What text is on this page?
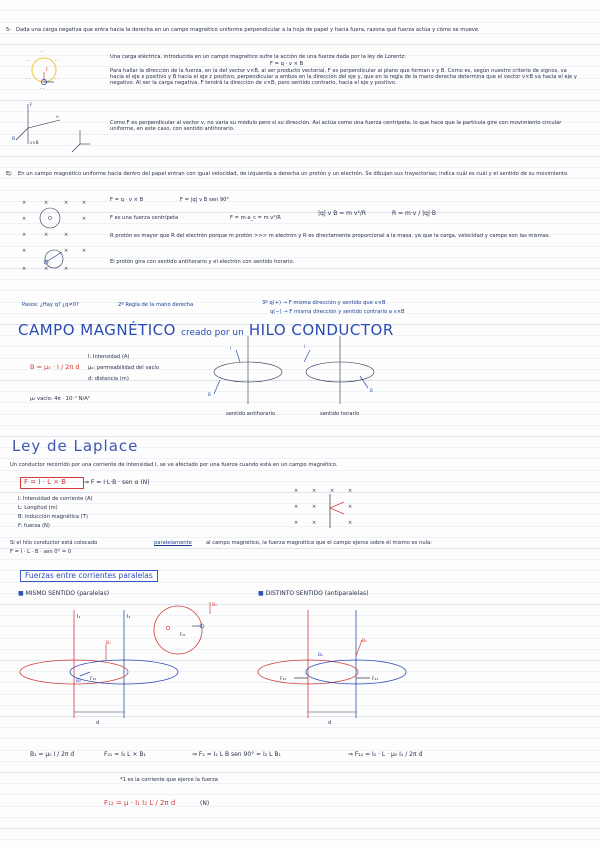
5- Dada una carga negativa que entra hacia la derecha en un campo magnético uniforme perpendicular a la hoja de papel y hacia fuera, razona qué fuerza actúa y cómo se mueve.
· ·	· ·
· ·	· ·
· ·
· ·
F
F
v
B
v×B
Una carga eléctrica, introducida en un campo magnético sufre la acción de una fuerza dada por la ley de Lorentz:
F = q · v × B
Para hallar la dirección de la fuerza, en la del vector v×B, al ser producto vectorial, F es perpendicular al plano que forman v y B. Como es, según nuestro criterio de signos, va hacia el eje x positivo y B hacia el eje z positivo, perpendicular a ambos en la dirección del eje y, que en la regla de la mano derecha determina que el vector v×B va hacia el eje y negativo. Al ser la carga negativa, F tendrá la dirección de v×B, pero sentido contrario, hacia el eje y positivo.
Como F es perpendicular al vector v, no varía su módulo pero sí su dirección. Así actúa como una fuerza centrípeta, lo que hace que la partícula gire con movimiento circular uniforme, en este caso, con sentido antihorario.
Ej: En un campo magnético uniforme hacia dentro del papel entran con igual velocidad, de izquierda a derecha un protón y un electrón. Se dibujan sus trayectorias; indica cuál es cuál y el sentido de su movimiento.
×	×	×	×
×	×
×	×	×
×	×	×
×	×	×
F = q · v × B	F = |q| v B sen 90°
F es una fuerza centrípeta	F = m·a_c = m v²/R
|q| v B = m v²/R	R = m·v / |q|·B
R protón es mayor que R del electrón porque m protón >>> m electrón y R es directamente proporcional a la masa, ya que la carga, velocidad y campo son las mismas.
El protón gira con sentido antihorario y el electrón con sentido horario.
Pasos: ¿Hay q? ¿q≠0?	2º Regla de la mano derecha	3º q(+) → F misma dirección y sentido que v×B
q(−) → F misma dirección y sentido contrario a v×B
CAMPO MAGNÉTICO creado por un HILO CONDUCTOR
B = μ₀ · I / 2π d
I: Intensidad (A)
μ₀: permeabilidad del vacío
d: distancia (m)
μ₀ vacío: 4π · 10⁻⁷ N/A²
I
B
I
B
sentido antihorario	sentido horario
Ley de Laplace
Un conductor recorrido por una corriente de intensidad I, se ve afectado por una fuerza cuando está en un campo magnético.
F = I · L × B	⇒ F = I·L·B · sen α (N)
I: Intensidad de corriente (A)
L: Longitud (m)
B: inducción magnética (T)
F: fuerza (N)
×	×	×	×
×	×	×
×	×	×
Si el hilo conductor está colocado	paralelamente	al campo magnético, la fuerza magnética que el campo ejerce sobre él mismo es nula:
F = I · L · B · sen 0° = 0
Fuerzas entre corrientes paralelas
■ MISMO SENTIDO (paralelas)	■ DISTINTO SENTIDO (antiparalelas)
I₁	I₂
B₁
B₂ F₂₁
d
B₁
F₂₁
B₁
B₂
F₁₂	F₂₁
d
B₁ = μ₀ I / 2π d	F₂₁ = I₂ L × B₁	⇒ F₂ = I₂ L B sen 90° = I₂ L B₁	⇒ F₁₂ = I₂ · L · μ₀ I₁ / 2π d
*1 es la corriente que ejerce la fuerza
F₁₂ = μ · I₁ I₂ L / 2π d	(N)
